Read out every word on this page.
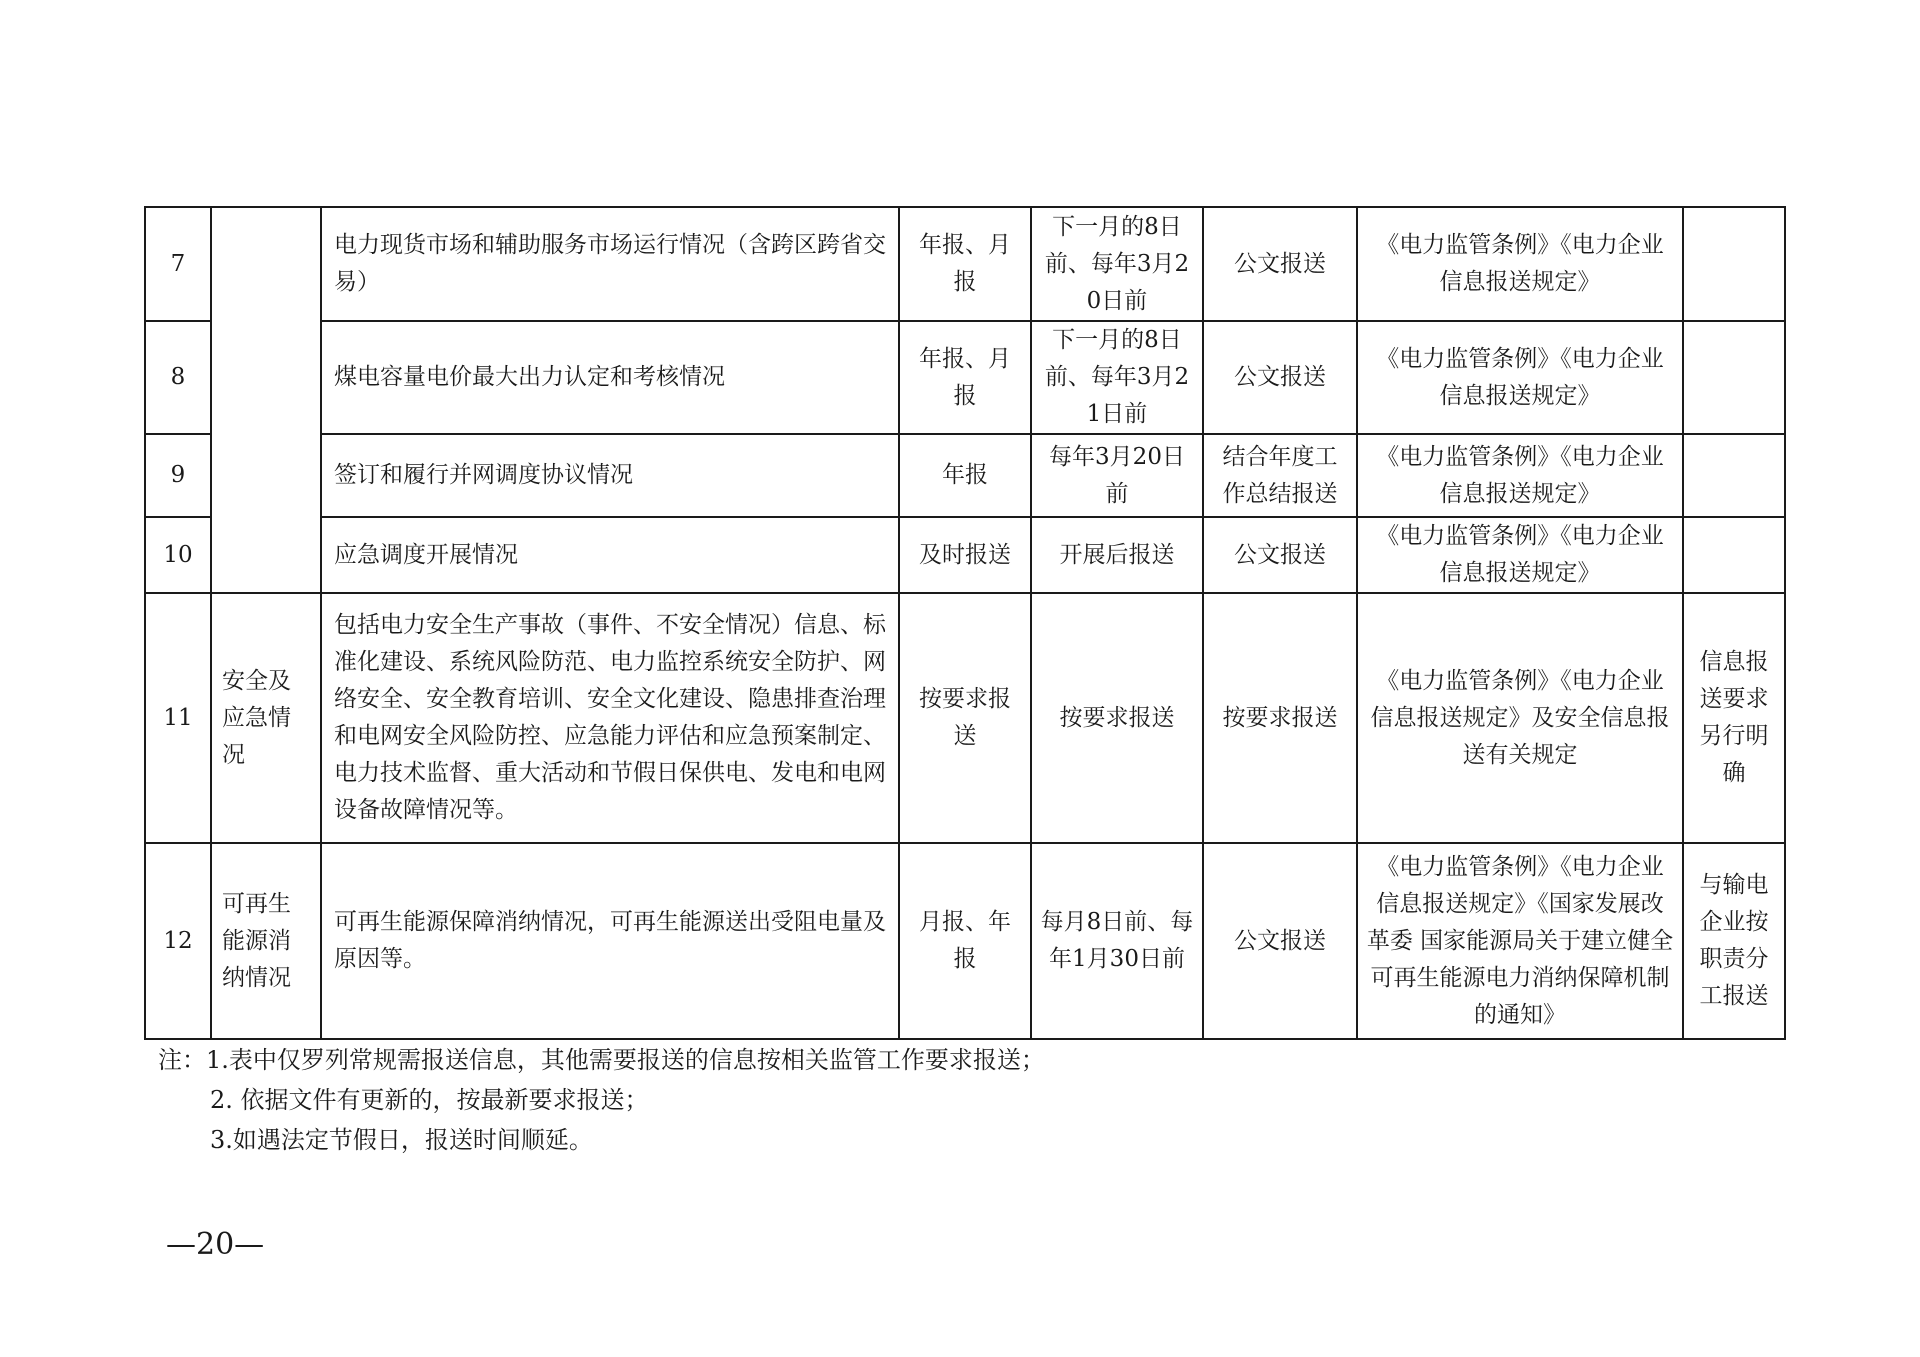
7		电力现货市场和辅助服务市场运行情况（含跨区跨省交易）	年报、月报	下一月的8日前、每年3月20日前	公文报送	《电力监管条例》《电力企业信息报送规定》	
8		煤电容量电价最大出力认定和考核情况	年报、月报	下一月的8日前、每年3月21日前	公文报送	《电力监管条例》《电力企业信息报送规定》	
9		签订和履行并网调度协议情况	年报	每年3月20日前	结合年度工作总结报送	《电力监管条例》《电力企业信息报送规定》	
10		应急调度开展情况	及时报送	开展后报送	公文报送	《电力监管条例》《电力企业信息报送规定》	
11	安全及应急情况	包括电力安全生产事故（事件、不安全情况）信息、标准化建设、系统风险防范、电力监控系统安全防护、网络安全、安全教育培训、安全文化建设、隐患排查治理和电网安全风险防控、应急能力评估和应急预案制定、电力技术监督、重大活动和节假日保供电、发电和电网设备故障情况等。	按要求报送	按要求报送	按要求报送	《电力监管条例》《电力企业信息报送规定》及安全信息报送有关规定	信息报送要求另行明确
12	可再生能源消纳情况	可再生能源保障消纳情况，可再生能源送出受阻电量及原因等。	月报、年报	每月8日前、每年1月30日前	公文报送	《电力监管条例》《电力企业信息报送规定》《国家发展改革委 国家能源局关于建立健全可再生能源电力消纳保障机制的通知》	与输电企业按职责分工报送
注：1.表中仅罗列常规需报送信息，其他需要报送的信息按相关监管工作要求报送；
2. 依据文件有更新的，按最新要求报送；
3.如遇法定节假日，报送时间顺延。
—20—
